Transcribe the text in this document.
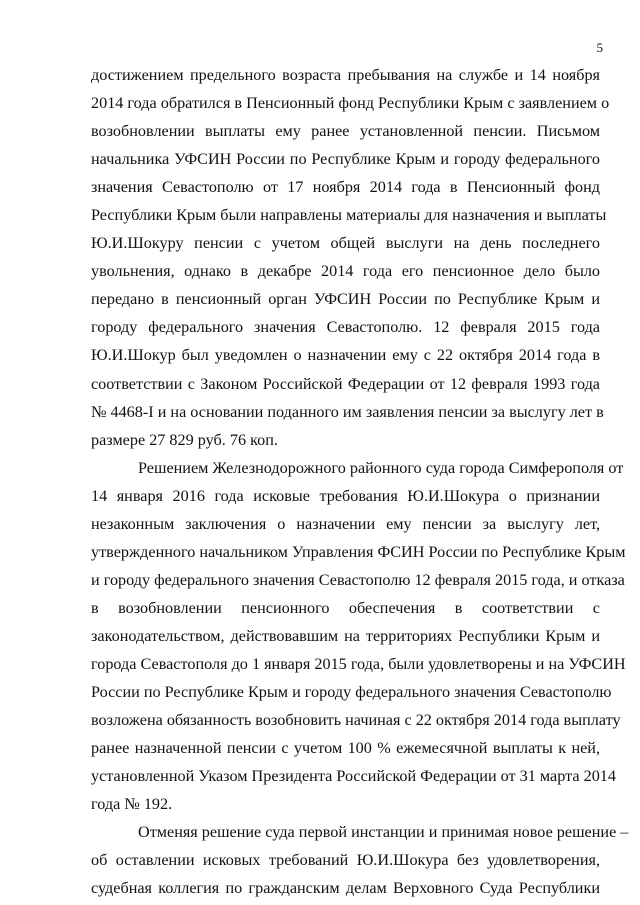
5
достижением предельного возраста пребывания на службе и 14 ноября
2014 года обратился в Пенсионный фонд Республики Крым с заявлением о
возобновлении выплаты ему ранее установленной пенсии. Письмом
начальника УФСИН России по Республике Крым и городу федерального
значения Севастополю от 17 ноября 2014 года в Пенсионный фонд
Республики Крым были направлены материалы для назначения и выплаты
Ю.И.Шокуру пенсии с учетом общей выслуги на день последнего
увольнения, однако в декабре 2014 года его пенсионное дело было
передано в пенсионный орган УФСИН России по Республике Крым и
городу федерального значения Севастополю. 12 февраля 2015 года
Ю.И.Шокур был уведомлен о назначении ему с 22 октября 2014 года в
соответствии с Законом Российской Федерации от 12 февраля 1993 года
№ 4468-I и на основании поданного им заявления пенсии за выслугу лет в
размере 27 829 руб. 76 коп.
Решением Железнодорожного районного суда города Симферополя от
14 января 2016 года исковые требования Ю.И.Шокура о признании
незаконным заключения о назначении ему пенсии за выслугу лет,
утвержденного начальником Управления ФСИН России по Республике Крым
и городу федерального значения Севастополю 12 февраля 2015 года, и отказа
в возобновлении пенсионного обеспечения в соответствии с
законодательством, действовавшим на территориях Республики Крым и
города Севастополя до 1 января 2015 года, были удовлетворены и на УФСИН
России по Республике Крым и городу федерального значения Севастополю
возложена обязанность возобновить начиная с 22 октября 2014 года выплату
ранее назначенной пенсии с учетом 100 % ежемесячной выплаты к ней,
установленной Указом Президента Российской Федерации от 31 марта 2014
года № 192.
Отменяя решение суда первой инстанции и принимая новое решение –
об оставлении исковых требований Ю.И.Шокура без удовлетворения,
судебная коллегия по гражданским делам Верховного Суда Республики
